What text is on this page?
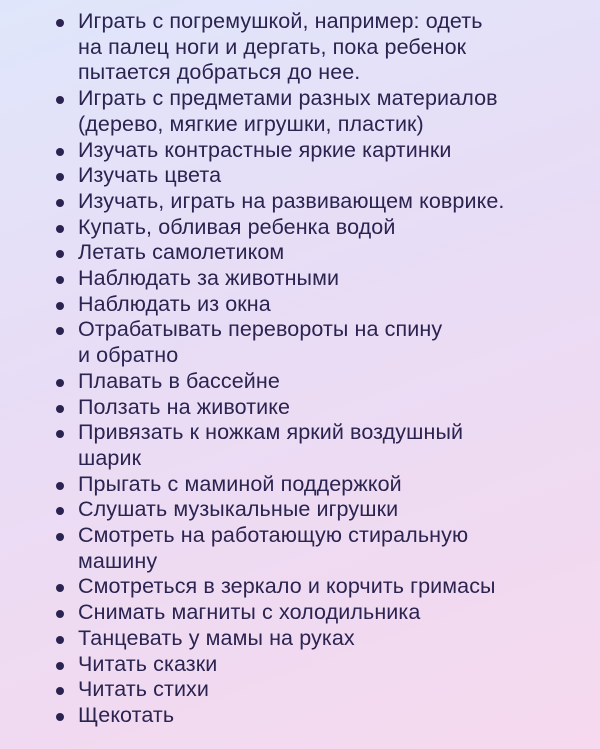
Играть с погремушкой, например: одеть
на палец ноги и дергать, пока ребенок
пытается добраться до нее.
Играть с предметами разных материалов
(дерево, мягкие игрушки, пластик)
Изучать контрастные яркие картинки
Изучать цвета
Изучать, играть на развивающем коврике.
Купать, обливая ребенка водой
Летать самолетиком
Наблюдать за животными
Наблюдать из окна
Отрабатывать перевороты на спину
и обратно
Плавать в бассейне
Ползать на животике
Привязать к ножкам яркий воздушный
шарик
Прыгать с маминой поддержкой
Слушать музыкальные игрушки
Смотреть на работающую стиральную
машину
Смотреться в зеркало и корчить гримасы
Снимать магниты с холодильника
Танцевать у мамы на руках
Читать сказки
Читать стихи
Щекотать
